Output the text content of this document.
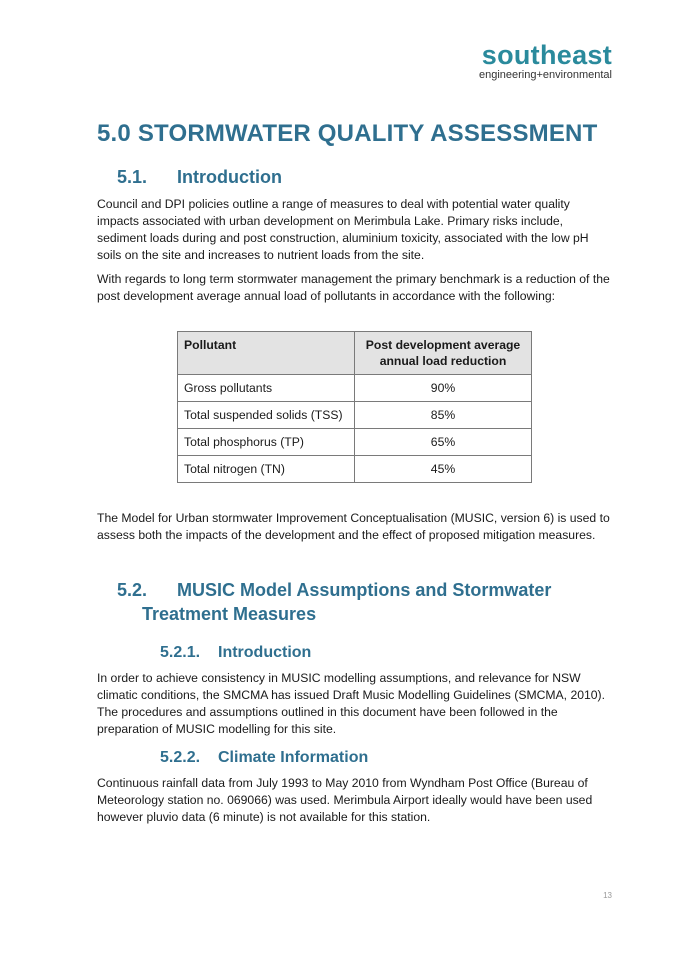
southeast
engineering+environmental
5.0 STORMWATER QUALITY ASSESSMENT
5.1. Introduction

Council and DPI policies outline a range of measures to deal with potential water quality impacts associated with urban development on Merimbula Lake. Primary risks include, sediment loads during and post construction, aluminium toxicity, associated with the low pH soils on the site and increases to nutrient loads from the site.

With regards to long term stormwater management the primary benchmark is a reduction of the post development average annual load of pollutants in accordance with the following:

Pollutant	Post development average annual load reduction
Gross pollutants	90%
Total suspended solids (TSS)	85%
Total phosphorus (TP)	65%
Total nitrogen (TN)	45%

The Model for Urban stormwater Improvement Conceptualisation (MUSIC, version 6) is used to assess both the impacts of the development and the effect of proposed mitigation measures.

5.2. MUSIC Model Assumptions and Stormwater
Treatment Measures
5.2.1. Introduction

In order to achieve consistency in MUSIC modelling assumptions, and relevance for NSW climatic conditions, the SMCMA has issued Draft Music Modelling Guidelines (SMCMA, 2010). The procedures and assumptions outlined in this document have been followed in the preparation of MUSIC modelling for this site.

5.2.2. Climate Information

Continuous rainfall data from July 1993 to May 2010 from Wyndham Post Office (Bureau of Meteorology station no. 069066) was used. Merimbula Airport ideally would have been used however pluvio data (6 minute) is not available for this station.

13
